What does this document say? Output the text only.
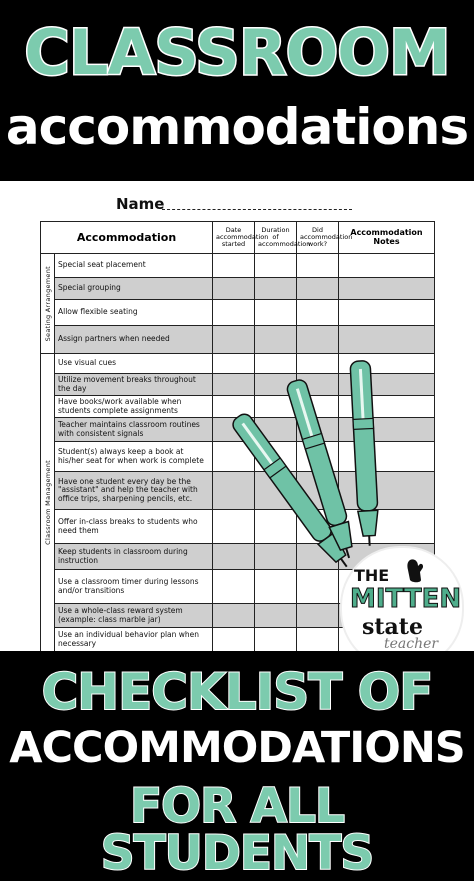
CLASSROOM
accommodations
Name
Accommodation		Date accommodation started	Duration of accommodation	Did accommodation work?	Accommodation Notes

Seating Arrangement	Special seat placement				
	Special grouping				
	Allow flexible seating				
	Assign partners when needed				

Classroom Management	Use visual cues				
	Utilize movement breaks throughout the day				
	Have books/work available when students complete assignments				
	Teacher maintains classroom routines with consistent signals				
	Student(s) always keep a book at his/her seat for when work is complete				
	Have one student every day be the "assistant" and help the teacher with office trips, sharpening pencils, etc.				
	Offer in-class breaks to students who need them				
	Keep students in classroom during instruction				
	Use a classroom timer during lessons and/or transitions				
	Use a whole-class reward system (example: class marble jar)				
	Use an individual behavior plan when necessary				
THE
MITTEN
state
teacher
CHECKLIST OF
ACCOMMODATIONS
FOR ALL STUDENTS
